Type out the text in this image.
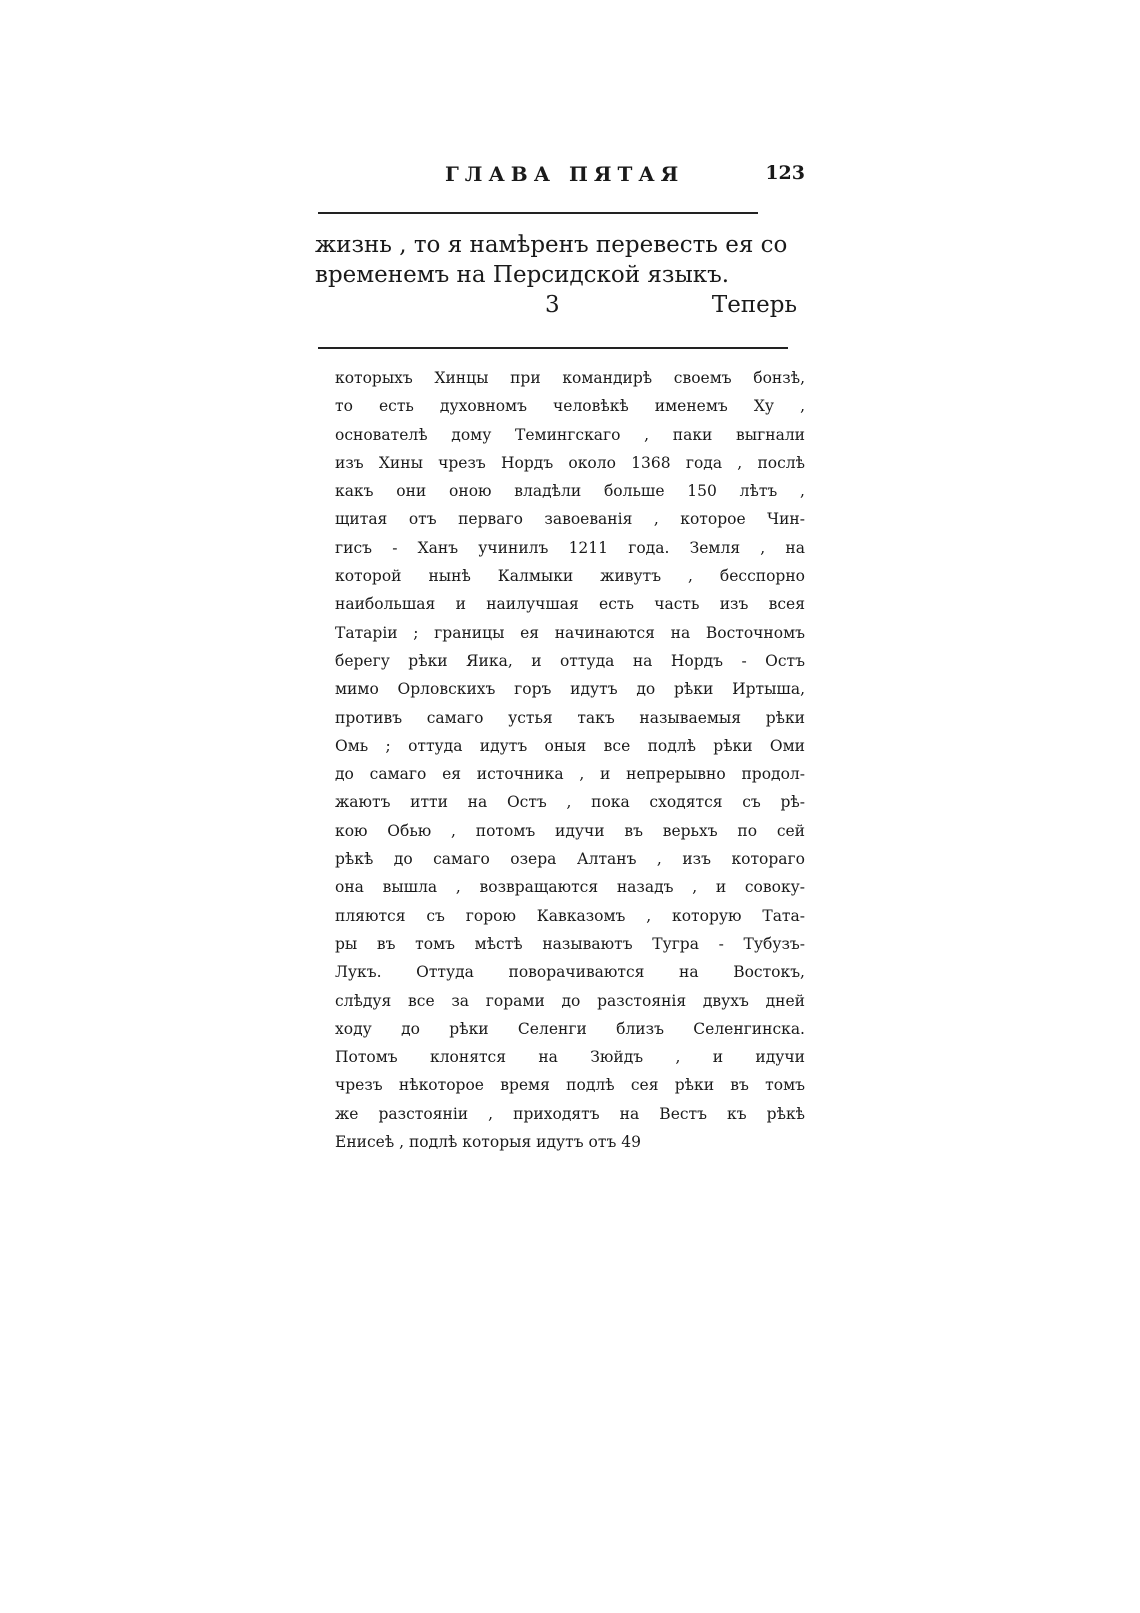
ГЛАВА ПЯТАЯ	123
жизнь , то я намѣренъ перевесть ея со
временемъ на Персидской языкъ.
3	Теперь
которыхъ Хинцы при командирѣ своемъ бонзѣ,
то есть духовномъ человѣкѣ именемъ Ху ,
основателѣ дому Темингскаго , паки выгнали
изъ Хины чрезъ Нордъ около 1368 года , послѣ
какъ они оною владѣли больше 150 лѣтъ ,
щитая отъ перваго завоеванія , которое Чин-
гисъ - Ханъ учинилъ 1211 года. Земля , на
которой нынѣ Калмыки живутъ , бесспорно
наибольшая и наилучшая есть часть изъ всея
Татаріи ; границы ея начинаются на Восточномъ
берегу рѣки Яика, и оттуда на Нордъ - Остъ
мимо Орловскихъ горъ идутъ до рѣки Иртыша,
противъ самаго устья такъ называемыя рѣки
Омь ; оттуда идутъ оныя все подлѣ рѣки Оми
до самаго ея источника , и непрерывно продол-
жаютъ итти на Остъ , пока сходятся съ рѣ-
кою Обью , потомъ идучи въ верьхъ по сей
рѣкѣ до самаго озера Алтанъ , изъ котораго
она вышла , возвращаются назадъ , и совоку-
пляются съ горою Кавказомъ , которую Тата-
ры въ томъ мѣстѣ называютъ Тугра - Тубузъ-
Лукъ. Оттуда поворачиваются на Востокъ,
слѣдуя все за горами до разстоянія двухъ дней
ходу до рѣки Селенги близъ Селенгинска.
Потомъ клонятся на Зюйдъ , и идучи
чрезъ нѣкоторое время подлѣ сея рѣки въ томъ
же разстояніи , приходятъ на Вестъ къ рѣкѣ
Енисеѣ , подлѣ которыя идутъ отъ 49
